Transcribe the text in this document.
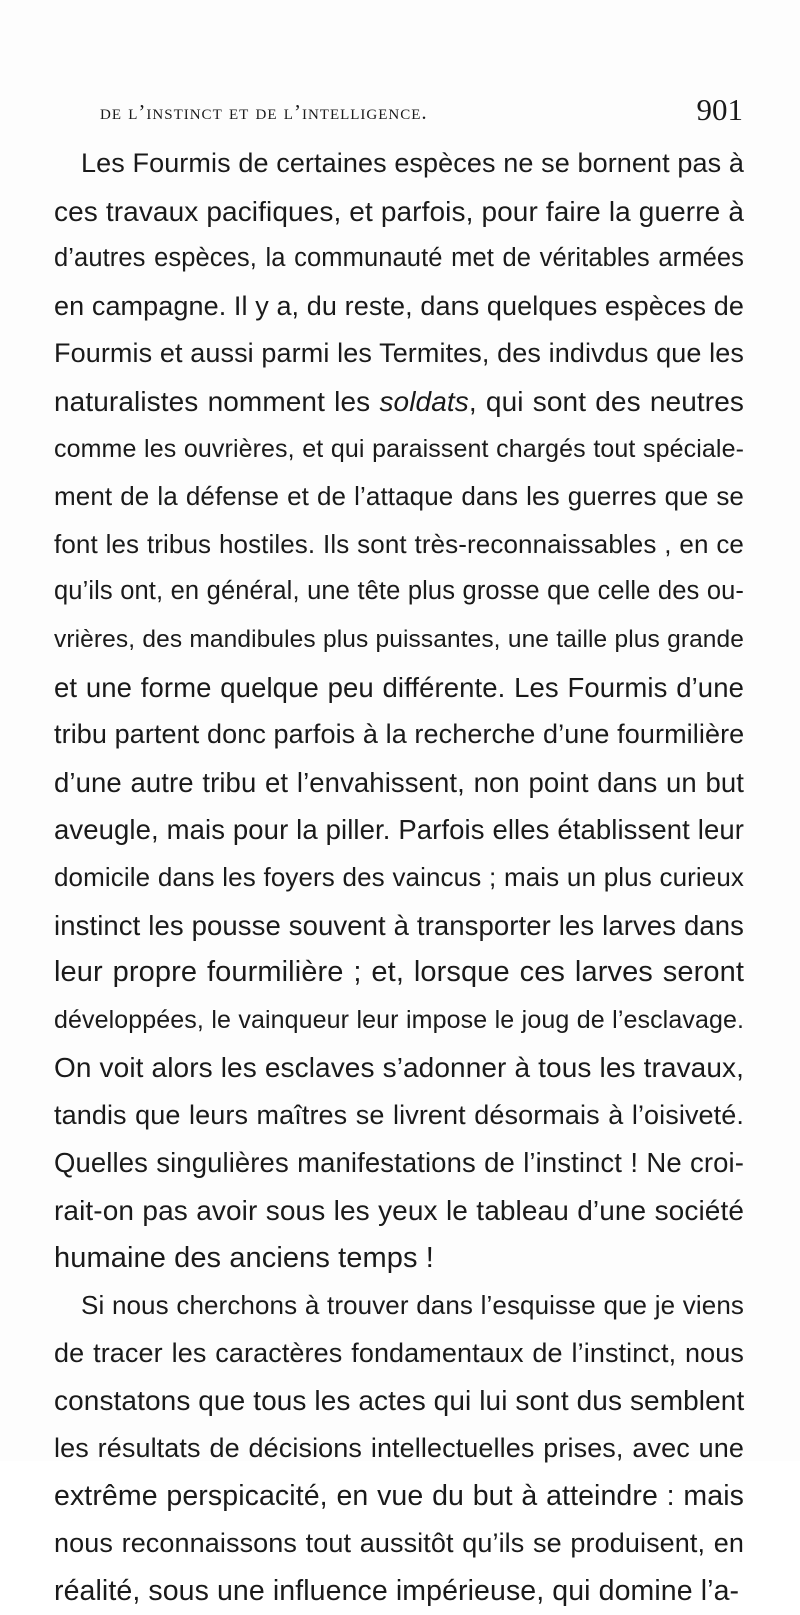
de l’instinct et de l’intelligence.	901
Les Fourmis de certaines espèces ne se bornent pas à
ces travaux pacifiques, et parfois, pour faire la guerre à
d’autres espèces, la communauté met de véritables armées
en campagne. Il y a, du reste, dans quelques espèces de
Fourmis et aussi parmi les Termites, des indivdus que les
naturalistes nomment les soldats, qui sont des neutres
comme les ouvrières, et qui paraissent chargés tout spéciale-
ment de la défense et de l’attaque dans les guerres que se
font les tribus hostiles. Ils sont très-reconnaissables , en ce
qu’ils ont, en général, une tête plus grosse que celle des ou-
vrières, des mandibules plus puissantes, une taille plus grande
et une forme quelque peu différente. Les Fourmis d’une
tribu partent donc parfois à la recherche d’une fourmilière
d’une autre tribu et l’envahissent, non point dans un but
aveugle, mais pour la piller. Parfois elles établissent leur
domicile dans les foyers des vaincus ; mais un plus curieux
instinct les pousse souvent à transporter les larves dans
leur propre fourmilière ; et, lorsque ces larves seront
développées, le vainqueur leur impose le joug de l’esclavage.
On voit alors les esclaves s’adonner à tous les travaux,
tandis que leurs maîtres se livrent désormais à l’oisiveté.
Quelles singulières manifestations de l’instinct ! Ne croi-
rait-on pas avoir sous les yeux le tableau d’une société
humaine des anciens temps !
Si nous cherchons à trouver dans l’esquisse que je viens
de tracer les caractères fondamentaux de l’instinct, nous
constatons que tous les actes qui lui sont dus semblent
les résultats de décisions intellectuelles prises, avec une
extrême perspicacité, en vue du but à atteindre : mais
nous reconnaissons tout aussitôt qu’ils se produisent, en
réalité, sous une influence impérieuse, qui domine l’a-
